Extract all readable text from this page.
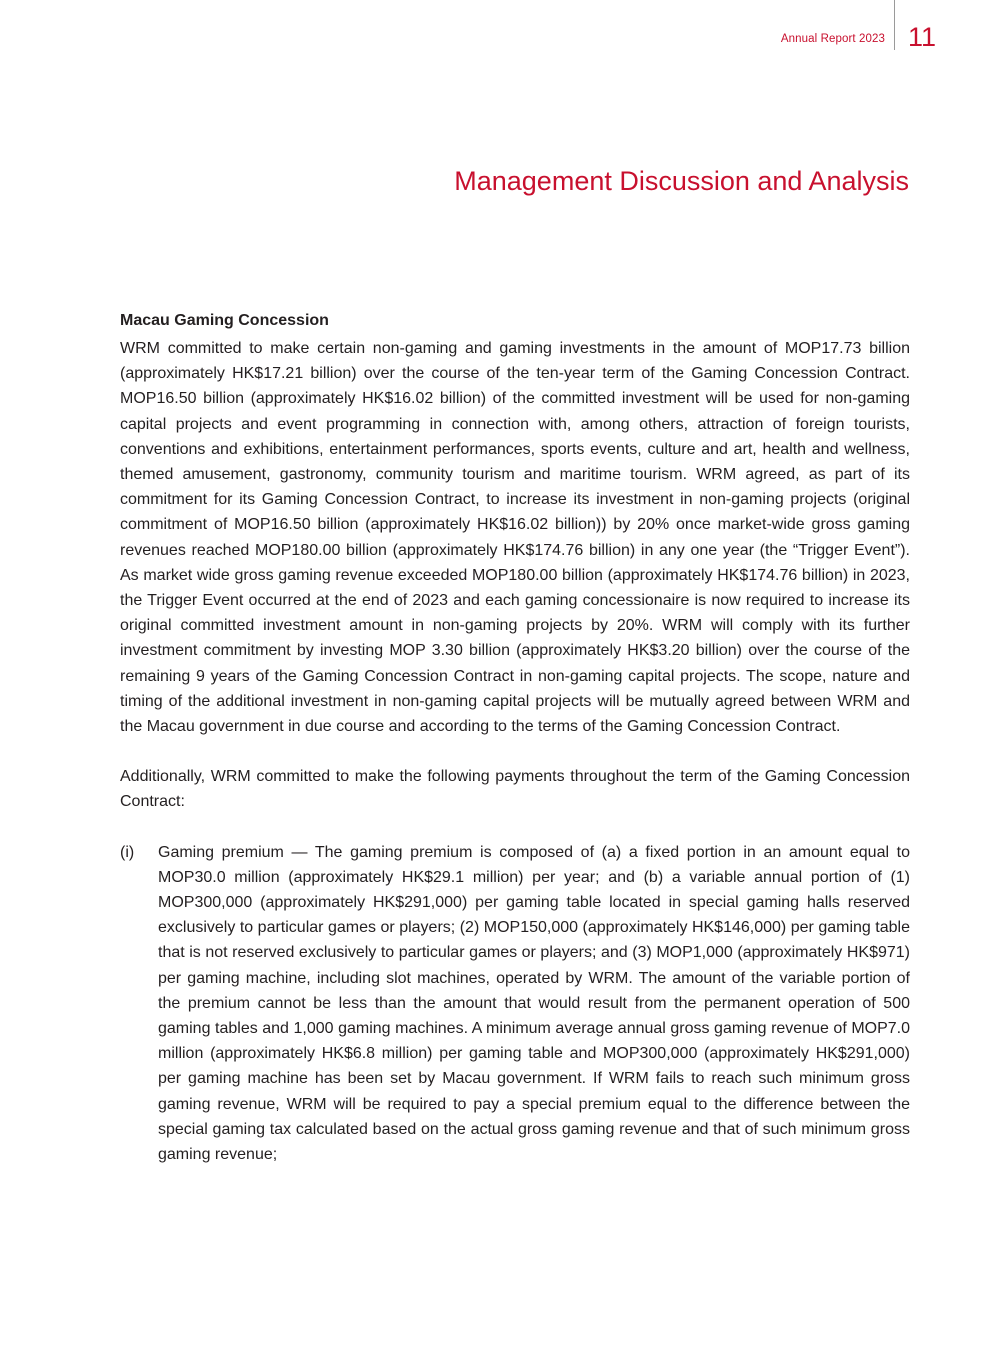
Annual Report 2023 11
Management Discussion and Analysis
Macau Gaming Concession

WRM committed to make certain non-gaming and gaming investments in the amount of MOP17.73 billion (approximately HK$17.21 billion) over the course of the ten-year term of the Gaming Concession Contract. MOP16.50 billion (approximately HK$16.02 billion) of the committed investment will be used for non-gaming capital projects and event programming in connection with, among others, attraction of foreign tourists, conventions and exhibitions, entertainment performances, sports events, culture and art, health and wellness, themed amusement, gastronomy, community tourism and maritime tourism. WRM agreed, as part of its commitment for its Gaming Concession Contract, to increase its investment in non-gaming projects (original commitment of MOP16.50 billion (approximately HK$16.02 billion)) by 20% once market-wide gross gaming revenues reached MOP180.00 billion (approximately HK$174.76 billion) in any one year (the “Trigger Event”). As market wide gross gaming revenue exceeded MOP180.00 billion (approximately HK$174.76 billion) in 2023, the Trigger Event occurred at the end of 2023 and each gaming concessionaire is now required to increase its original committed investment amount in non-gaming projects by 20%. WRM will comply with its further investment commitment by investing MOP 3.30 billion (approximately HK$3.20 billion) over the course of the remaining 9 years of the Gaming Concession Contract in non-gaming capital projects. The scope, nature and timing of the additional investment in non-gaming capital projects will be mutually agreed between WRM and the Macau government in due course and according to the terms of the Gaming Concession Contract.

Additionally, WRM committed to make the following payments throughout the term of the Gaming Concession Contract:

(i)	Gaming premium — The gaming premium is composed of (a) a fixed portion in an amount equal to MOP30.0 million (approximately HK$29.1 million) per year; and (b) a variable annual portion of (1) MOP300,000 (approximately HK$291,000) per gaming table located in special gaming halls reserved exclusively to particular games or players; (2) MOP150,000 (approximately HK$146,000) per gaming table that is not reserved exclusively to particular games or players; and (3) MOP1,000 (approximately HK$971) per gaming machine, including slot machines, operated by WRM. The amount of the variable portion of the premium cannot be less than the amount that would result from the permanent operation of 500 gaming tables and 1,000 gaming machines. A minimum average annual gross gaming revenue of MOP7.0 million (approximately HK$6.8 million) per gaming table and MOP300,000 (approximately HK$291,000) per gaming machine has been set by Macau government. If WRM fails to reach such minimum gross gaming revenue, WRM will be required to pay a special premium equal to the difference between the special gaming tax calculated based on the actual gross gaming revenue and that of such minimum gross gaming revenue;
